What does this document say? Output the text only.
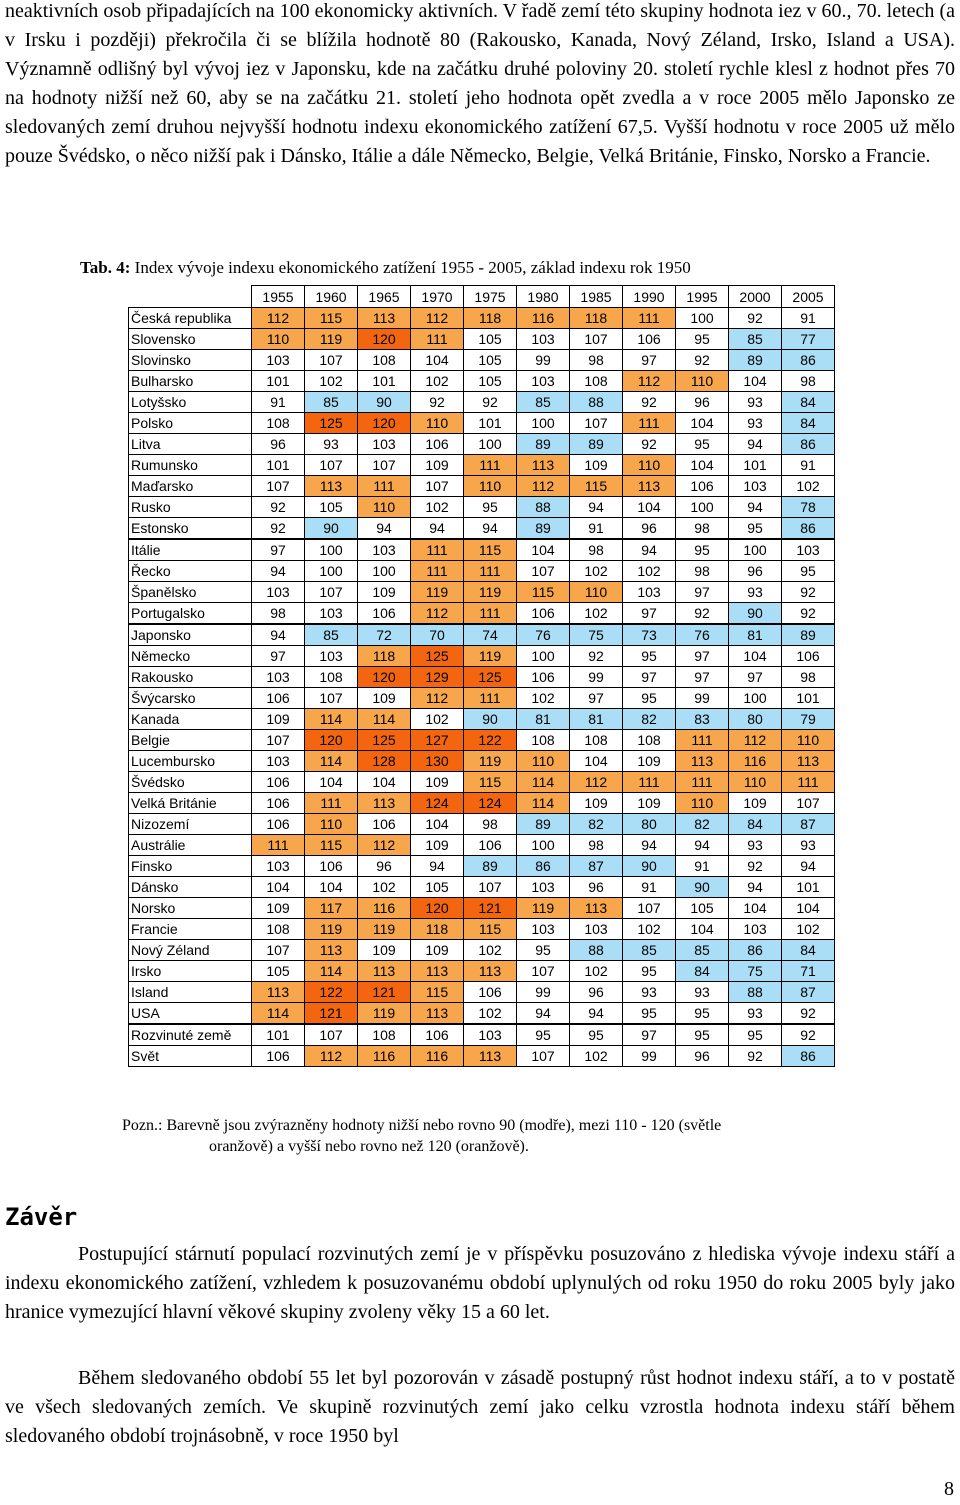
neaktivních osob připadajících na 100 ekonomicky aktivních. V řadě zemí této skupiny hodnota iez v 60., 70. letech (a v Irsku i později) překročila či se blížila hodnotě 80 (Rakousko, Kanada, Nový Zéland, Irsko, Island a USA). Významně odlišný byl vývoj iez v Japonsku, kde na začátku druhé poloviny 20. století rychle klesl z hodnot přes 70 na hodnoty nižší než 60, aby se na začátku 21. století jeho hodnota opět zvedla a v roce 2005 mělo Japonsko ze sledovaných zemí druhou nejvyšší hodnotu indexu ekonomického zatížení 67,5. Vyšší hodnotu v roce 2005 už mělo pouze Švédsko, o něco nižší pak i Dánsko, Itálie a dále Německo, Belgie, Velká Británie, Finsko, Norsko a Francie.

Tab. 4: Index vývoje indexu ekonomického zatížení 1955 - 2005, základ indexu rok 1950
	1955	1960	1965	1970	1975	1980	1985	1990	1995	2000	2005
Česká republika	112	115	113	112	118	116	118	111	100	92	91
Slovensko	110	119	120	111	105	103	107	106	95	85	77
Slovinsko	103	107	108	104	105	99	98	97	92	89	86
Bulharsko	101	102	101	102	105	103	108	112	110	104	98
Lotyšsko	91	85	90	92	92	85	88	92	96	93	84
Polsko	108	125	120	110	101	100	107	111	104	93	84
Litva	96	93	103	106	100	89	89	92	95	94	86
Rumunsko	101	107	107	109	111	113	109	110	104	101	91
Maďarsko	107	113	111	107	110	112	115	113	106	103	102
Rusko	92	105	110	102	95	88	94	104	100	94	78
Estonsko	92	90	94	94	94	89	91	96	98	95	86
Itálie	97	100	103	111	115	104	98	94	95	100	103
Řecko	94	100	100	111	111	107	102	102	98	96	95
Španělsko	103	107	109	119	119	115	110	103	97	93	92
Portugalsko	98	103	106	112	111	106	102	97	92	90	92
Japonsko	94	85	72	70	74	76	75	73	76	81	89
Německo	97	103	118	125	119	100	92	95	97	104	106
Rakousko	103	108	120	129	125	106	99	97	97	97	98
Švýcarsko	106	107	109	112	111	102	97	95	99	100	101
Kanada	109	114	114	102	90	81	81	82	83	80	79
Belgie	107	120	125	127	122	108	108	108	111	112	110
Lucembursko	103	114	128	130	119	110	104	109	113	116	113
Švédsko	106	104	104	109	115	114	112	111	111	110	111
Velká Británie	106	111	113	124	124	114	109	109	110	109	107
Nizozemí	106	110	106	104	98	89	82	80	82	84	87
Austrálie	111	115	112	109	106	100	98	94	94	93	93
Finsko	103	106	96	94	89	86	87	90	91	92	94
Dánsko	104	104	102	105	107	103	96	91	90	94	101
Norsko	109	117	116	120	121	119	113	107	105	104	104
Francie	108	119	119	118	115	103	103	102	104	103	102
Nový Zéland	107	113	109	109	102	95	88	85	85	86	84
Irsko	105	114	113	113	113	107	102	95	84	75	71
Island	113	122	121	115	106	99	96	93	93	88	87
USA	114	121	119	113	102	94	94	95	95	93	92
Rozvinuté země	101	107	108	106	103	95	95	97	95	95	92
Svět	106	112	116	116	113	107	102	99	96	92	86
Pozn.: Barevně jsou zvýrazněny hodnoty nižší nebo rovno 90 (modře), mezi 110 - 120 (světle
oranžově) a vyšší nebo rovno než 120 (oranžově).
Závěr

Postupující stárnutí populací rozvinutých zemí je v příspěvku posuzováno z hlediska vývoje indexu stáří a indexu ekonomického zatížení, vzhledem k posuzovanému období uplynulých od roku 1950 do roku 2005 byly jako hranice vymezující hlavní věkové skupiny zvoleny věky 15 a 60 let.

Během sledovaného období 55 let byl pozorován v zásadě postupný růst hodnot indexu stáří, a to v postatě ve všech sledovaných zemích. Ve skupině rozvinutých zemí jako celku vzrostla hodnota indexu stáří během sledovaného období trojnásobně, v roce 1950 byl

8
